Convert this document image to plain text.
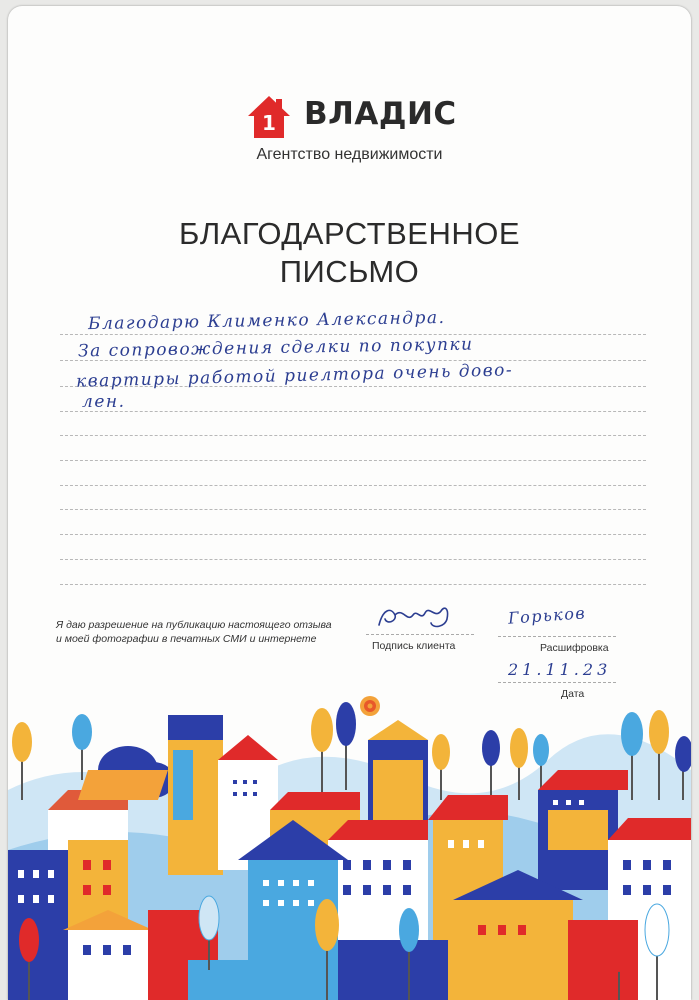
1 ВЛАДИС
Агентство недвижимости
БЛАГОДАРСТВЕННОЕ
ПИСЬМО
Благодарю Клименко Александра.
За сопровождения сделки по покупки
квартиры работой риелтора очень дово-
лен.
Я даю разрешение на публикацию настоящего отзыва
и моей фотографии в печатных СМИ и интернете
Подпись клиента
Горьков
Расшифровка
21.11.23
Дата
